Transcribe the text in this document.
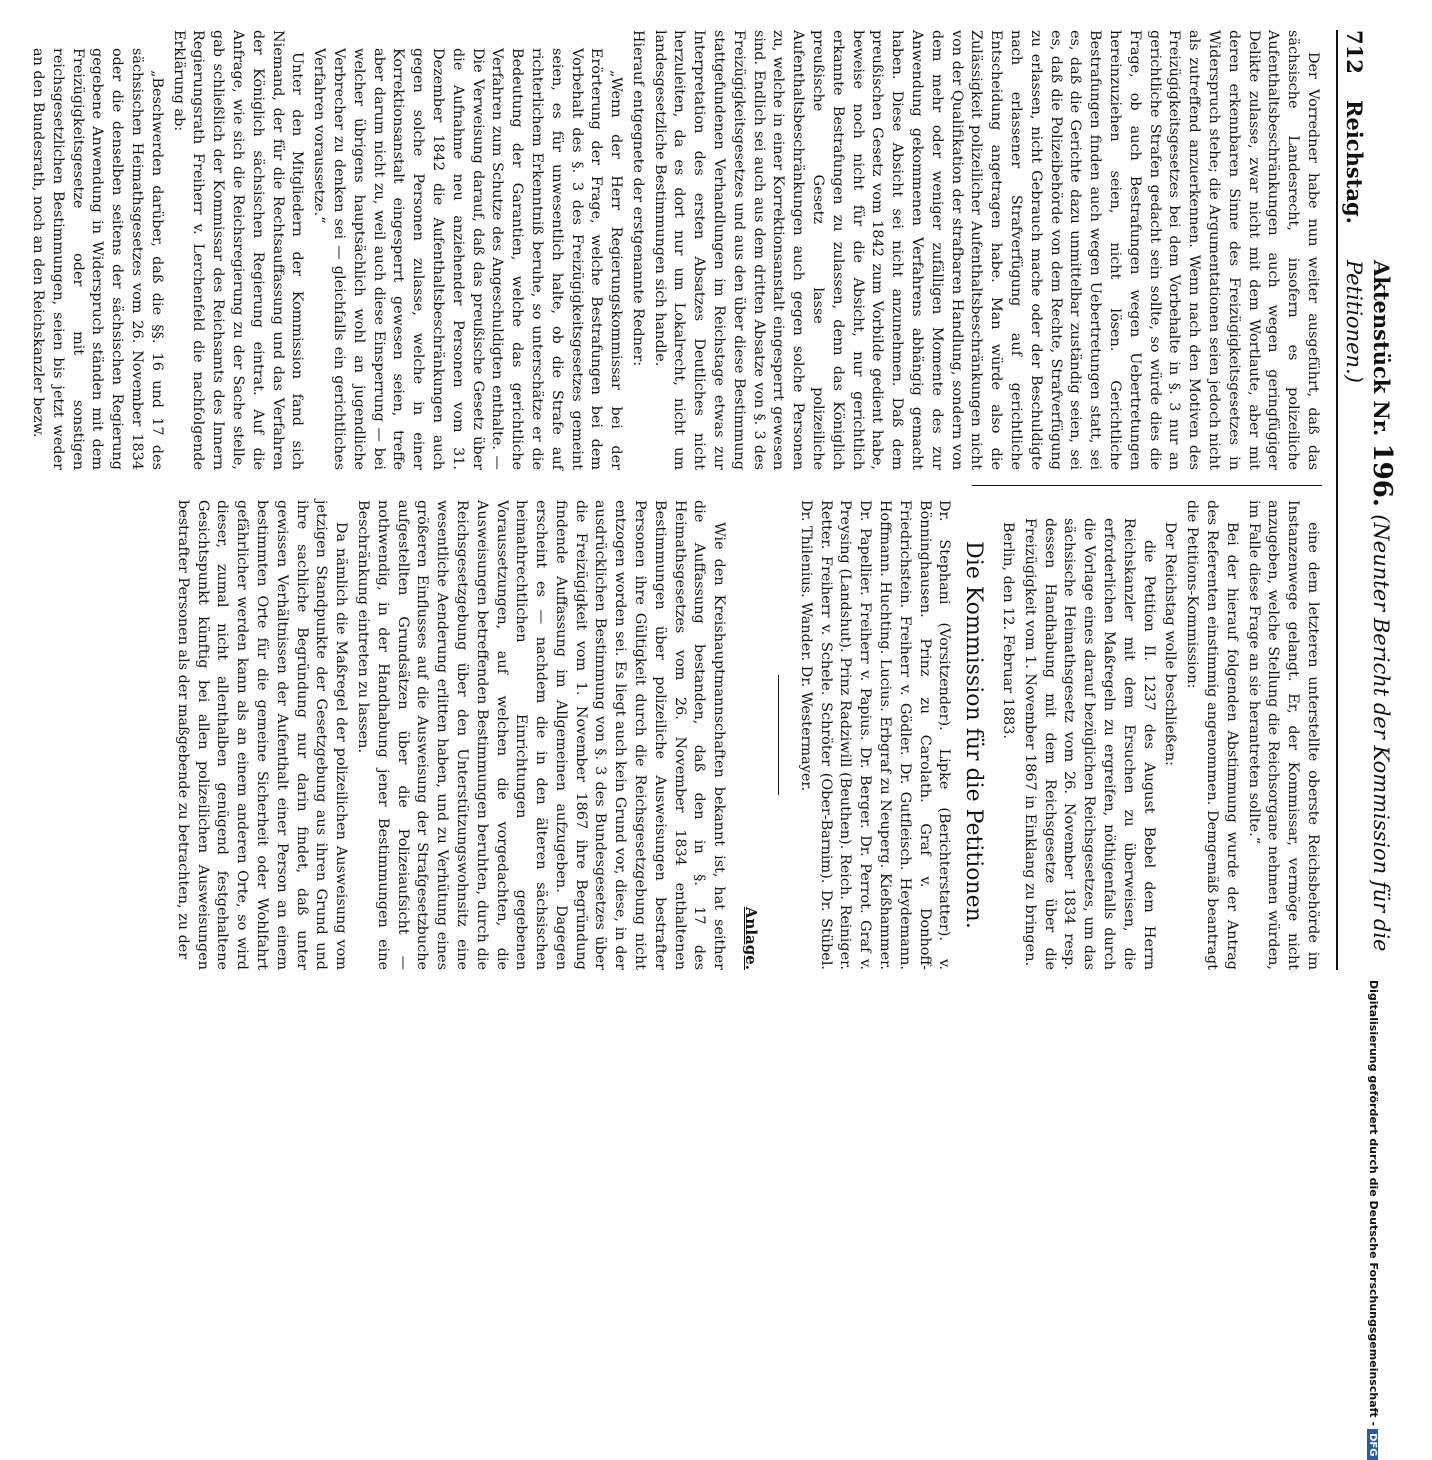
712
Reichstag.
Aktenstück Nr. 196. (Neunter Bericht der Kommission für die Petitionen.)

Der Vorredner habe nun weiter ausgeführt, daß das sächsische Landesrecht, insofern es polizeiliche Aufenthaltsbeschränkungen auch wegen geringfügiger Delikte zulasse, zwar nicht mit dem Wortlaute, aber mit deren erkennbaren Sinne des Freizügigkeitsgesetzes in Widerspruch stehe; die Argumentationen seien jedoch nicht als zutreffend anzuerkennen. Wenn nach den Motiven des Freizügigkeitsgesetzes bei dem Vorbehalte in §. 3 nur an gerichtliche Strafen gedacht sein sollte, so würde dies die Frage, ob auch Bestrafungen wegen Uebertretungen hereinzuziehen seien, nicht lösen. Gerichtliche Bestrafungen finden auch wegen Uebertretungen statt, sei es, daß die Gerichte dazu unmittelbar zuständig seien, sei es, daß die Polizeibehörde von dem Rechte, Strafverfügung zu erlassen, nicht Gebrauch mache oder der Beschuldigte nach erlassener Strafverfügung auf gerichtliche Entscheidung angetragen habe. Man würde also die Zulässigkeit polizeilicher Aufenthaltsbeschränkungen nicht von der Qualifikation der strafbaren Handlung, sondern von dem mehr oder weniger zufälligen Momente des zur Anwendung gekommenen Verfahrens abhängig gemacht haben. Diese Absicht sei nicht anzunehmen. Daß dem preußischen Gesetz vom 1842 zum Vorbilde gedient habe, beweise noch nicht für die Absicht, nur gerichtlich erkannte Bestrafungen zu zulassen, denn das Königlich preußische Gesetz lasse polizeiliche Aufenthaltsbeschränkungen auch gegen solche Personen zu, welche in einer Korrektionsanstalt eingesperrt gewesen sind. Endlich sei auch aus dem dritten Absatze von §. 3 des Freizügigkeitsgesetzes und aus den über diese Bestimmung stattgefundenen Verhandlungen im Reichstage etwas zur Interpretation des ersten Absatzes Deutliches nicht herzuleiten, da es dort nur um Lokalrecht, nicht um landesgesetzliche Bestimmungen sich handle.

Hierauf entgegnete der erstgenannte Redner:

„Wenn der Herr Regierungskommissar bei der Erörterung der Frage, welche Bestrafungen bei dem Vorbehalt des §. 3 des Freizügigkeitsgesetzes gemeint seien, es für unwesentlich halte, ob die Strafe auf richterlichem Erkenntniß beruhe, so unterschätze er die Bedeutung der Garantien, welche das gerichtliche Verfahren zum Schutze des Angeschuldigten enthalte. — Die Verweisung darauf, daß das preußische Gesetz über die Aufnahme neu anziehender Personen vom 31. Dezember 1842 die Aufenthaltsbeschränkungen auch gegen solche Personen zulasse, welche in einer Korrektionsanstalt eingesperrt gewesen seien, treffe aber darum nicht zu, weil auch diese Einsperrung — bei welcher übrigens hauptsächlich wohl an jugendliche Verbrecher zu denken sei — gleichfalls ein gerichtliches Verfahren voraussetze.“

Unter den Mitgliedern der Kommission fand sich Niemand, der für die Rechtsauffassung und das Verfahren der Königlich sächsischen Regierung eintrat. Auf die Anfrage, wie sich die Reichsregierung zu der Sache stelle, gab schließlich der Kommissar des Reichsamts des Innern Regierungsrath Freiherr v. Lerchenfeld die nachfolgende Erklärung ab:

„Beschwerden darüber, daß die §§. 16 und 17 des sächsischen Heimathsgesetzes vom 26. November 1834 oder die denselben seitens der sächsischen Regierung gegebene Anwendung in Widerspruch ständen mit dem Freizügigkeitsgesetze oder mit sonstigen reichsgesetzlichen Bestimmungen, seien bis jetzt weder an den Bundesrath, noch an den Reichskanzler bezw.

eine dem letzteren unterstellte oberste Reichsbehörde im Instanzenwege gelangt. Er, der Kommissar, vermöge nicht anzugeben, welche Stellung die Reichsorgane nehmen würden, im Falle diese Frage an sie herantreten sollte.“

Bei der hierauf folgenden Abstimmung wurde der Antrag des Referenten einstimmig angenommen. Demgemäß beantragt die Petitions-Kommission:

Der Reichstag wolle beschließen:

die Petition II. 1237 des August Bebel dem Herrn Reichskanzler mit dem Ersuchen zu überweisen, die erforderlichen Maßregeln zu ergreifen, nöthigenfalls durch die Vorlage eines darauf bezüglichen Reichsgesetzes, um das sächsische Heimathsgesetz vom 26. November 1834 resp. dessen Handhabung mit dem Reichsgesetze über die Freizügigkeit vom 1. November 1867 in Einklang zu bringen.

Berlin, den 12. Februar 1883.

Die Kommission für die Petitionen.

Dr. Stephani (Vorsitzender). Lipke (Berichterstatter). v. Bönninghausen. Prinz zu Carolath. Graf v. Donhoff-Friedrichstein. Freiherr v. Gödler. Dr. Gutfleisch. Heydemann. Hoffmann. Huchting. Lucius. Erbgraf zu Neuperg. Kießhammer. Dr. Papellier. Freiherr v. Papius. Dr. Berger. Dr. Perrot. Graf v. Preysing (Landshut). Prinz Radziwill (Beuthen). Reich. Reiniger. Retter. Freiherr v. Schele. Schröter (Ober-Barnim). Dr. Stübel. Dr. Thilenius. Wander. Dr. Westermayer.

Anlage.

Wie den Kreishauptmannschaften bekannt ist, hat seither die Auffassung bestanden, daß den in §. 17 des Heimathsgesetzes vom 26. November 1834 enthaltenen Bestimmungen über polizeiliche Ausweisungen bestrafter Personen ihre Gültigkeit durch die Reichsgesetzgebung nicht entzogen worden sei. Es liegt auch kein Grund vor, diese, in der ausdrücklichen Bestimmung von §. 3 des Bundesgesetzes über die Freizügigkeit vom 1. November 1867 ihre Begründung findende Auffassung im Allgemeinen aufzugeben. Dagegen erscheint es — nachdem die in den älteren sächsischen heimathrechtlichen Einrichtungen gegebenen Voraussetzungen, auf welchen die vorgedachten, die Ausweisungen betreffenden Bestimmungen beruhten, durch die Reichsgesetzgebung über den Unterstützungswohnsitz eine wesentliche Aenderung erlitten haben, und zu Verhütung eines größeren Einflusses auf die Ausweisung der Strafgesetzbuche aufgestellten Grundsätzen über die Polizeiaufsicht — nothwendig, in der Handhabung jener Bestimmungen eine Beschränkung eintreten zu lassen.

Da nämlich die Maßregel der polizeilichen Ausweisung vom jetzigen Standpunkte der Gesetzgebung aus ihren Grund und ihre sachliche Begründung nur darin findet, daß unter gewissen Verhältnissen der Aufenthalt einer Person an einem bestimmten Orte für die gemeine Sicherheit oder Wohlfahrt gefährlicher werden kann als an einem anderen Orte, so wird dieser, zumal nicht allenthalben genügend festgehaltene Gesichtspunkt künftig bei allen polizeilichen Ausweisungen bestrafter Personen als der maßgebende zu betrachten, zu der

Digitalisierung gefördert durch die Deutsche Forschungsgemeinschaft -DFG
